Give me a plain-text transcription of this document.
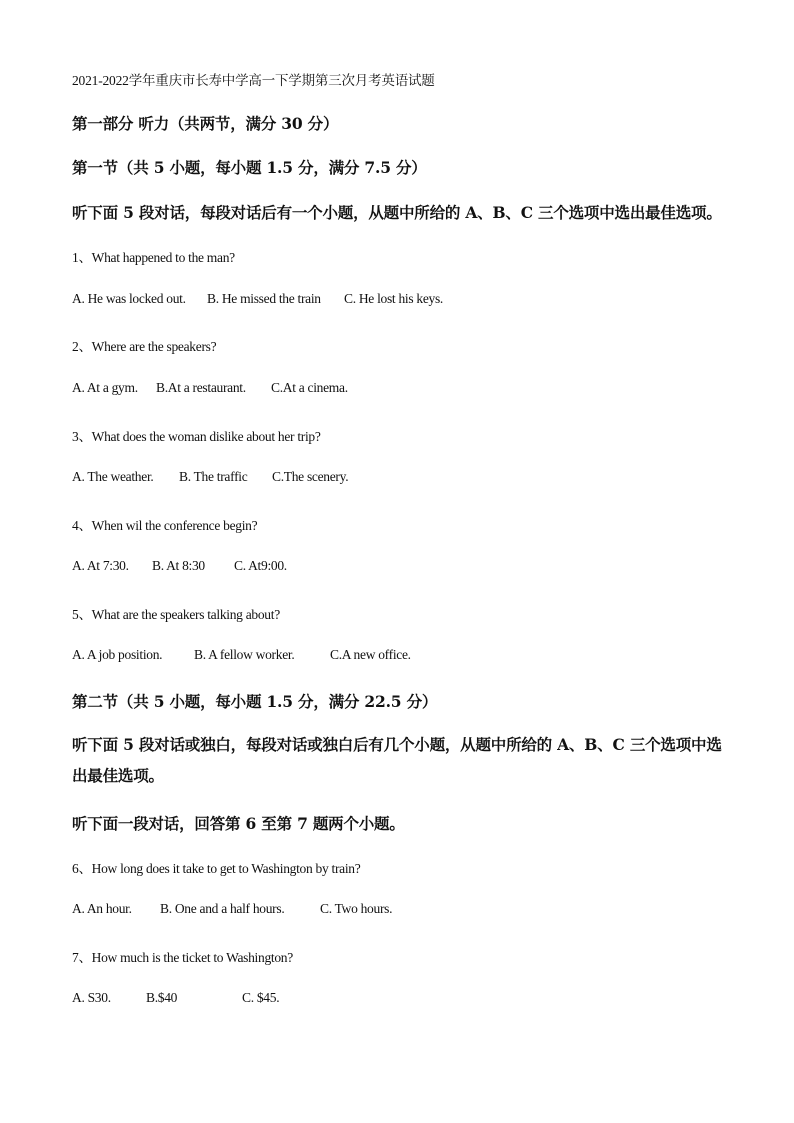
2021-2022学年重庆市长寿中学高一下学期第三次月考英语试题
第一部分 听力（共两节，满分 30 分）
第一节（共 5 小题，每小题 1.5 分，满分 7.5 分）
听下面 5 段对话，每段对话后有一个小题，从题中所给的 A、B、C 三个选项中选出最佳选项。
1、What happened to the man?
A. He was locked out. B. He missed the train C. He lost his keys.
2、Where are the speakers?
A. At a gym. B.At a restaurant. C.At a cinema.
3、What does the woman dislike about her trip?
A. The weather. B. The traffic C.The scenery.
4、When wil the conference begin?
A. At 7:30. B. At 8:30 C. At9:00.
5、What are the speakers talking about?
A. A job position. B. A fellow worker.	C.A new office.
第二节（共 5 小题，每小题 1.5 分，满分 22.5 分）
听下面 5 段对话或独白，每段对话或独白后有几个小题，从题中所给的 A、B、C 三个选项中选出最佳选项。
听下面一段对话，回答第 6 至第 7 题两个小题。
6、How long does it take to get to Washington by train?
A. An hour. B. One and a half hours.	C. Two hours.
7、How much is the ticket to Washington?
A. S30.	B.$40	C. $45.
